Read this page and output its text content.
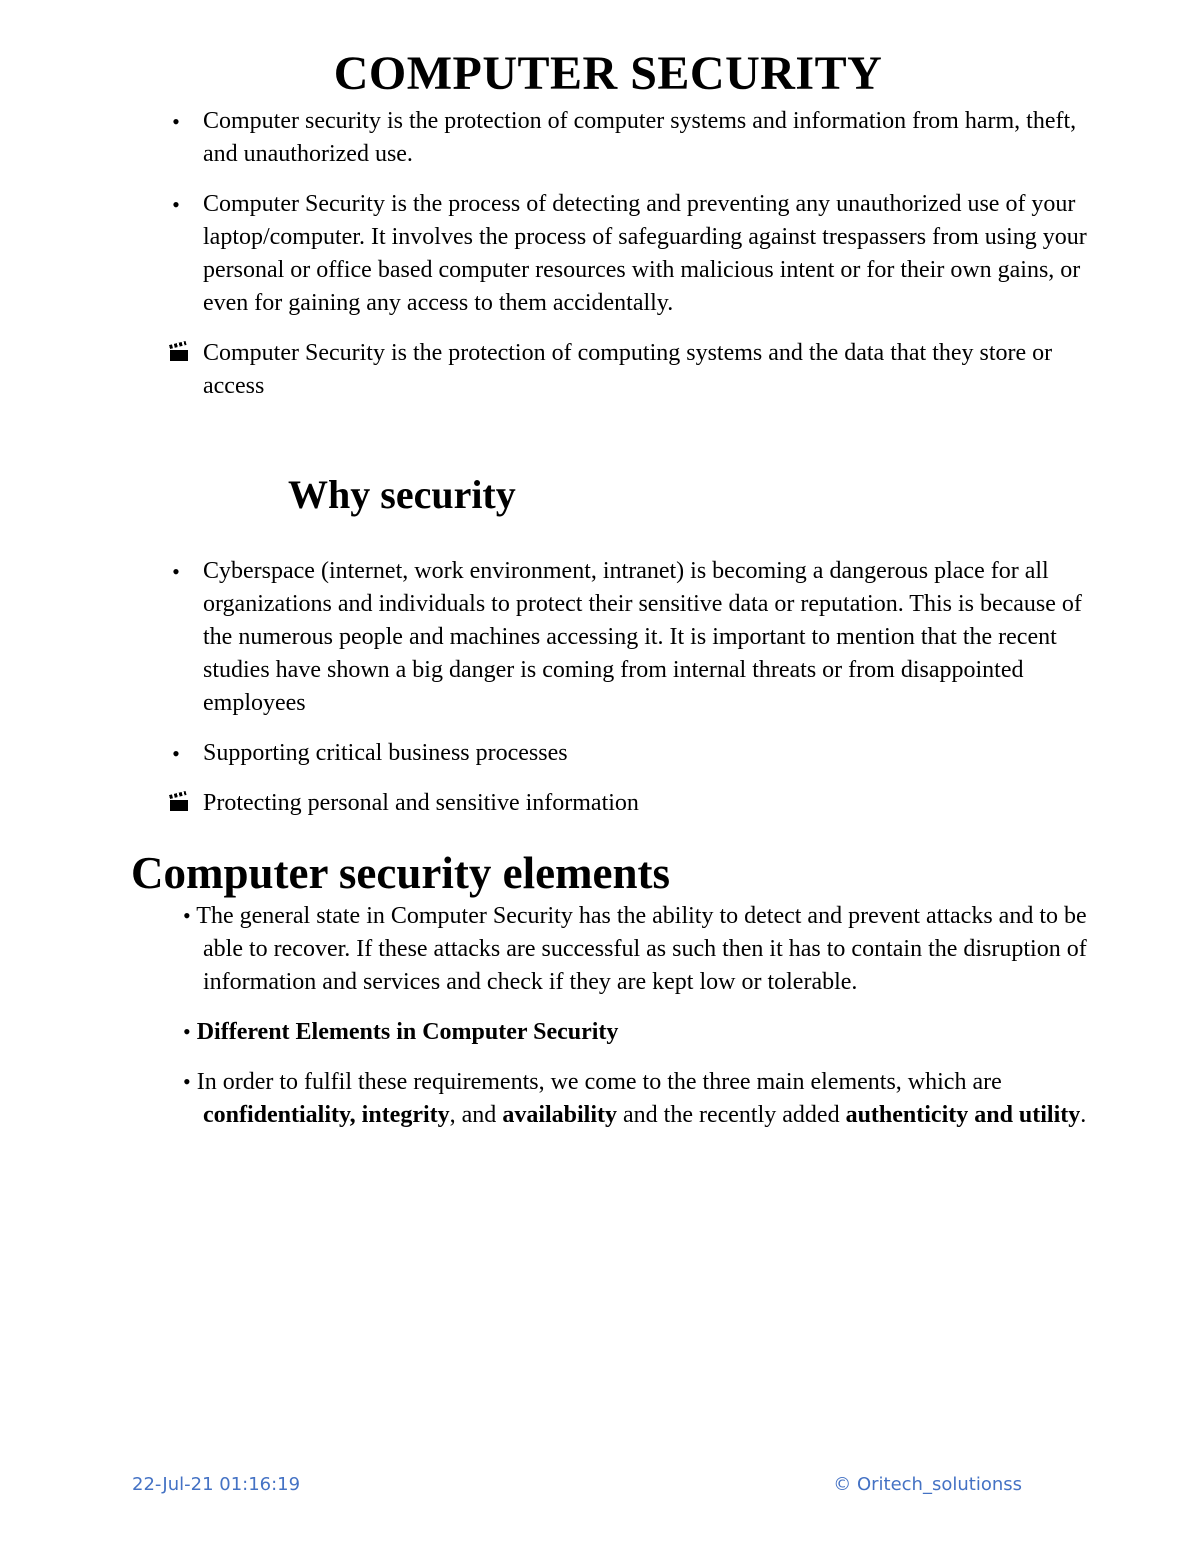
COMPUTER SECURITY

• Computer security is the protection of computer systems and information from harm, theft, and unauthorized use.

• Computer Security is the process of detecting and preventing any unauthorized use of your laptop/computer. It involves the process of safeguarding against trespassers from using your personal or office based computer resources with malicious intent or for their own gains, or even for gaining any access to them accidentally.

Computer Security is the protection of computing systems and the data that they store or access

Why security

• Cyberspace (internet, work environment, intranet) is becoming a dangerous place for all organizations and individuals to protect their sensitive data or reputation. This is because of the numerous people and machines accessing it. It is important to mention that the recent studies have shown a big danger is coming from internal threats or from disappointed employees

• Supporting critical business processes

Protecting personal and sensitive information

Computer security elements

• The general state in Computer Security has the ability to detect and prevent attacks and to be able to recover. If these attacks are successful as such then it has to contain the disruption of information and services and check if they are kept low or tolerable.

• Different Elements in Computer Security

• In order to fulfil these requirements, we come to the three main elements, which are confidentiality, integrity, and availability and the recently added authenticity and utility.

22-Jul-21 01:16:19	© Oritech_solutionss
